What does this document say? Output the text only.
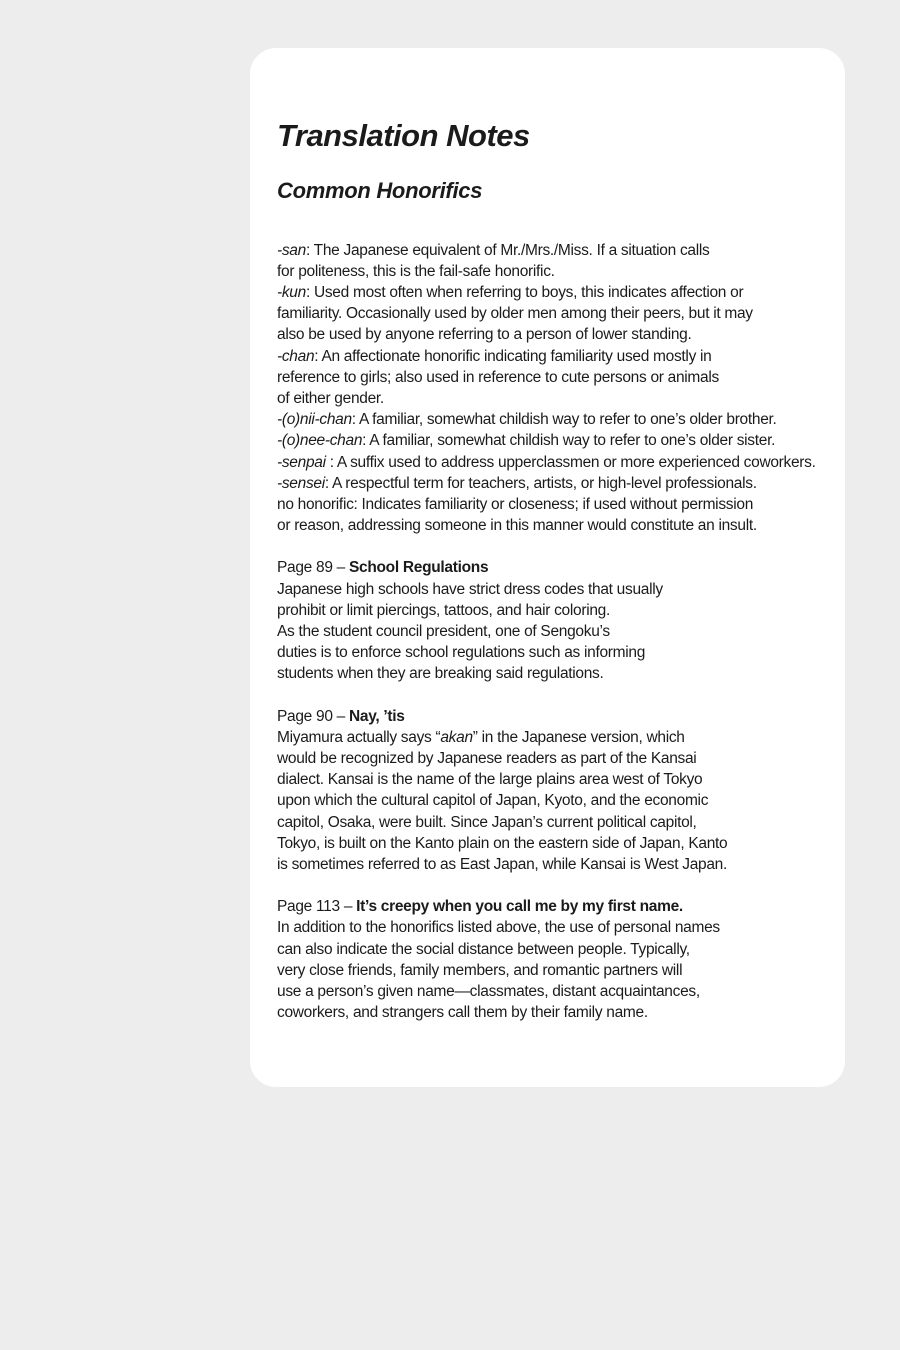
Translation Notes
Common Honorifics
-san: The Japanese equivalent of Mr./Mrs./Miss. If a situation calls
for politeness, this is the fail-safe honorific.
-kun: Used most often when referring to boys, this indicates affection or
familiarity. Occasionally used by older men among their peers, but it may
also be used by anyone referring to a person of lower standing.
-chan: An affectionate honorific indicating familiarity used mostly in
reference to girls; also used in reference to cute persons or animals
of either gender.
-(o)nii-chan: A familiar, somewhat childish way to refer to one’s older brother.
-(o)nee-chan: A familiar, somewhat childish way to refer to one’s older sister.
-senpai : A suffix used to address upperclassmen or more experienced coworkers.
-sensei: A respectful term for teachers, artists, or high-level professionals.
no honorific: Indicates familiarity or closeness; if used without permission
or reason, addressing someone in this manner would constitute an insult.
Page 89 – School Regulations
Japanese high schools have strict dress codes that usually
prohibit or limit piercings, tattoos, and hair coloring.
As the student council president, one of Sengoku’s
duties is to enforce school regulations such as informing
students when they are breaking said regulations.
Page 90 – Nay, ’tis
Miyamura actually says “akan” in the Japanese version, which
would be recognized by Japanese readers as part of the Kansai
dialect. Kansai is the name of the large plains area west of Tokyo
upon which the cultural capitol of Japan, Kyoto, and the economic
capitol, Osaka, were built. Since Japan’s current political capitol,
Tokyo, is built on the Kanto plain on the eastern side of Japan, Kanto
is sometimes referred to as East Japan, while Kansai is West Japan.
Page 113 – It’s creepy when you call me by my first name.
In addition to the honorifics listed above, the use of personal names
can also indicate the social distance between people. Typically,
very close friends, family members, and romantic partners will
use a person’s given name—classmates, distant acquaintances,
coworkers, and strangers call them by their family name.
